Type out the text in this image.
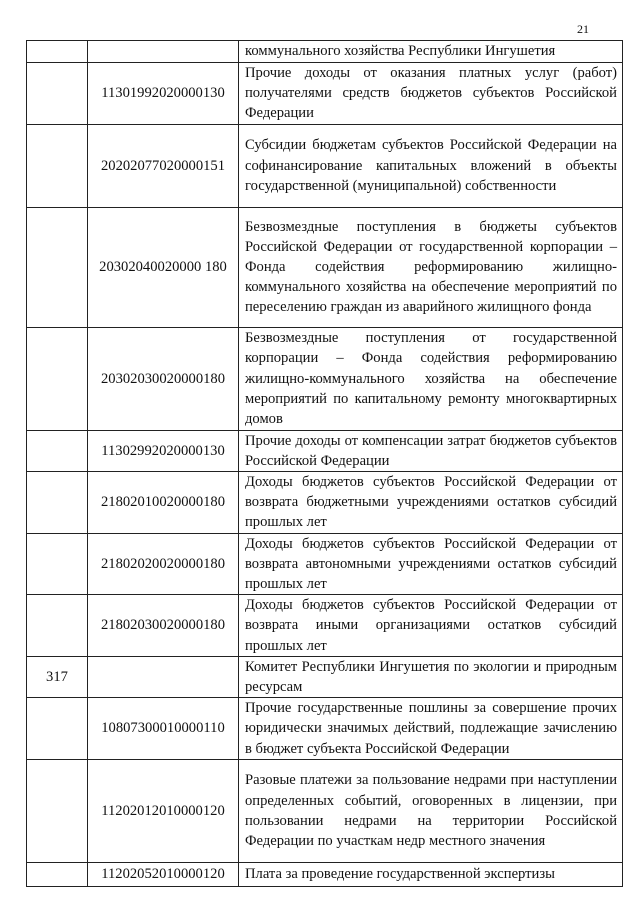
21
		коммунального хозяйства Республики Ингушетия
	11301992020000130	Прочие доходы от оказания платных услуг (работ) получателями средств бюджетов субъектов Российской Федерации
	20202077020000151	Субсидии бюджетам субъектов Российской Федерации на софинансирование капитальных вложений в объекты государственной (муниципальной) собственности
	20302040020000 180	Безвозмездные поступления в бюджеты субъектов Российской Федерации от государственной корпорации –Фонда содействия реформированию жилищно-коммунального хозяйства на обеспечение мероприятий по переселению граждан из аварийного жилищного фонда
	20302030020000180	Безвозмездные поступления от государственной корпорации – Фонда содействия реформированию жилищно-коммунального хозяйства на обеспечение мероприятий по капитальному ремонту многоквартирных домов
	11302992020000130	Прочие доходы от компенсации затрат бюджетов субъектов Российской Федерации
	21802010020000180	Доходы бюджетов субъектов Российской Федерации от возврата бюджетными учреждениями остатков субсидий прошлых лет
	21802020020000180	Доходы бюджетов субъектов Российской Федерации от возврата автономными учреждениями остатков субсидий прошлых лет
	21802030020000180	Доходы бюджетов субъектов Российской Федерации от возврата иными организациями остатков субсидий прошлых лет
317		Комитет Республики Ингушетия по экологии и природным ресурсам
	10807300010000110	Прочие государственные пошлины за совершение прочих юридически значимых действий, подлежащие зачислению в бюджет субъекта Российской Федерации
	11202012010000120	Разовые платежи за пользование недрами при наступлении определенных событий, оговоренных в лицензии, при пользовании недрами на территории Российской Федерации по участкам недр местного значения
	11202052010000120	Плата за проведение государственной экспертизы
